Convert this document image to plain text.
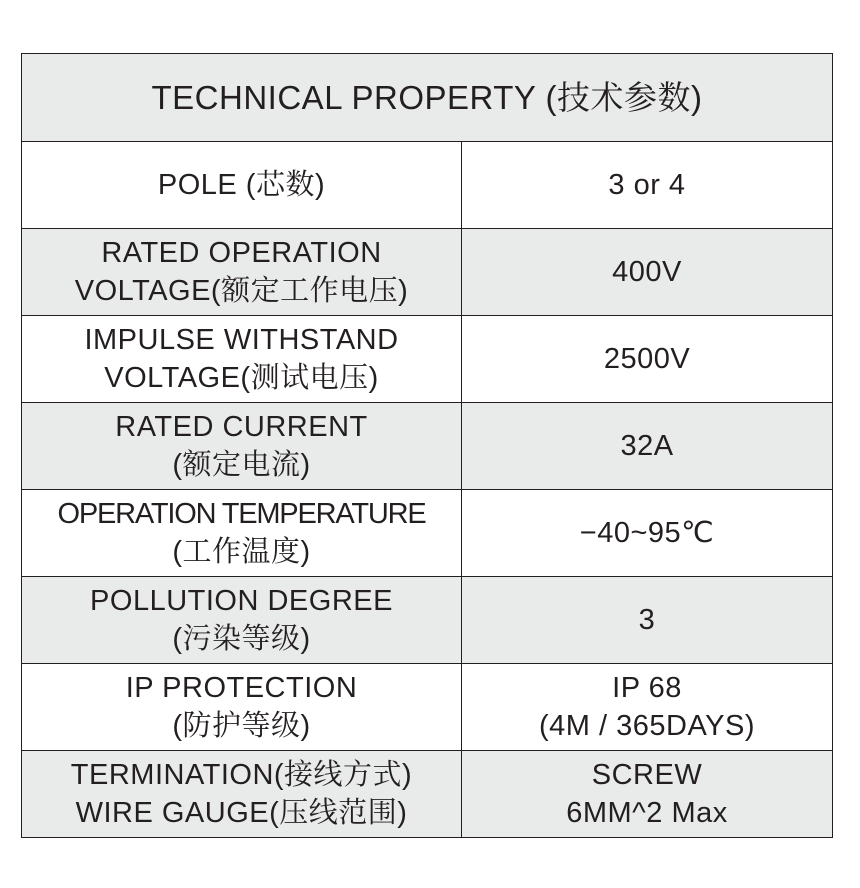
TECHNICAL PROPERTY (技术参数)	

POLE (芯数)	3 or 4

RATED OPERATION
VOLTAGE(额定工作电压)	400V

IMPULSE WITHSTAND
VOLTAGE(测试电压)	2500V

RATED CURRENT
(额定电流)	32A

OPERATION TEMPERATURE
(工作温度)	−40~95℃

POLLUTION DEGREE
(污染等级)	3

IP PROTECTION
(防护等级)	IP 68
(4M / 365DAYS)

TERMINATION(接线方式)
WIRE GAUGE(压线范围)	SCREW
6MM^2 Max
